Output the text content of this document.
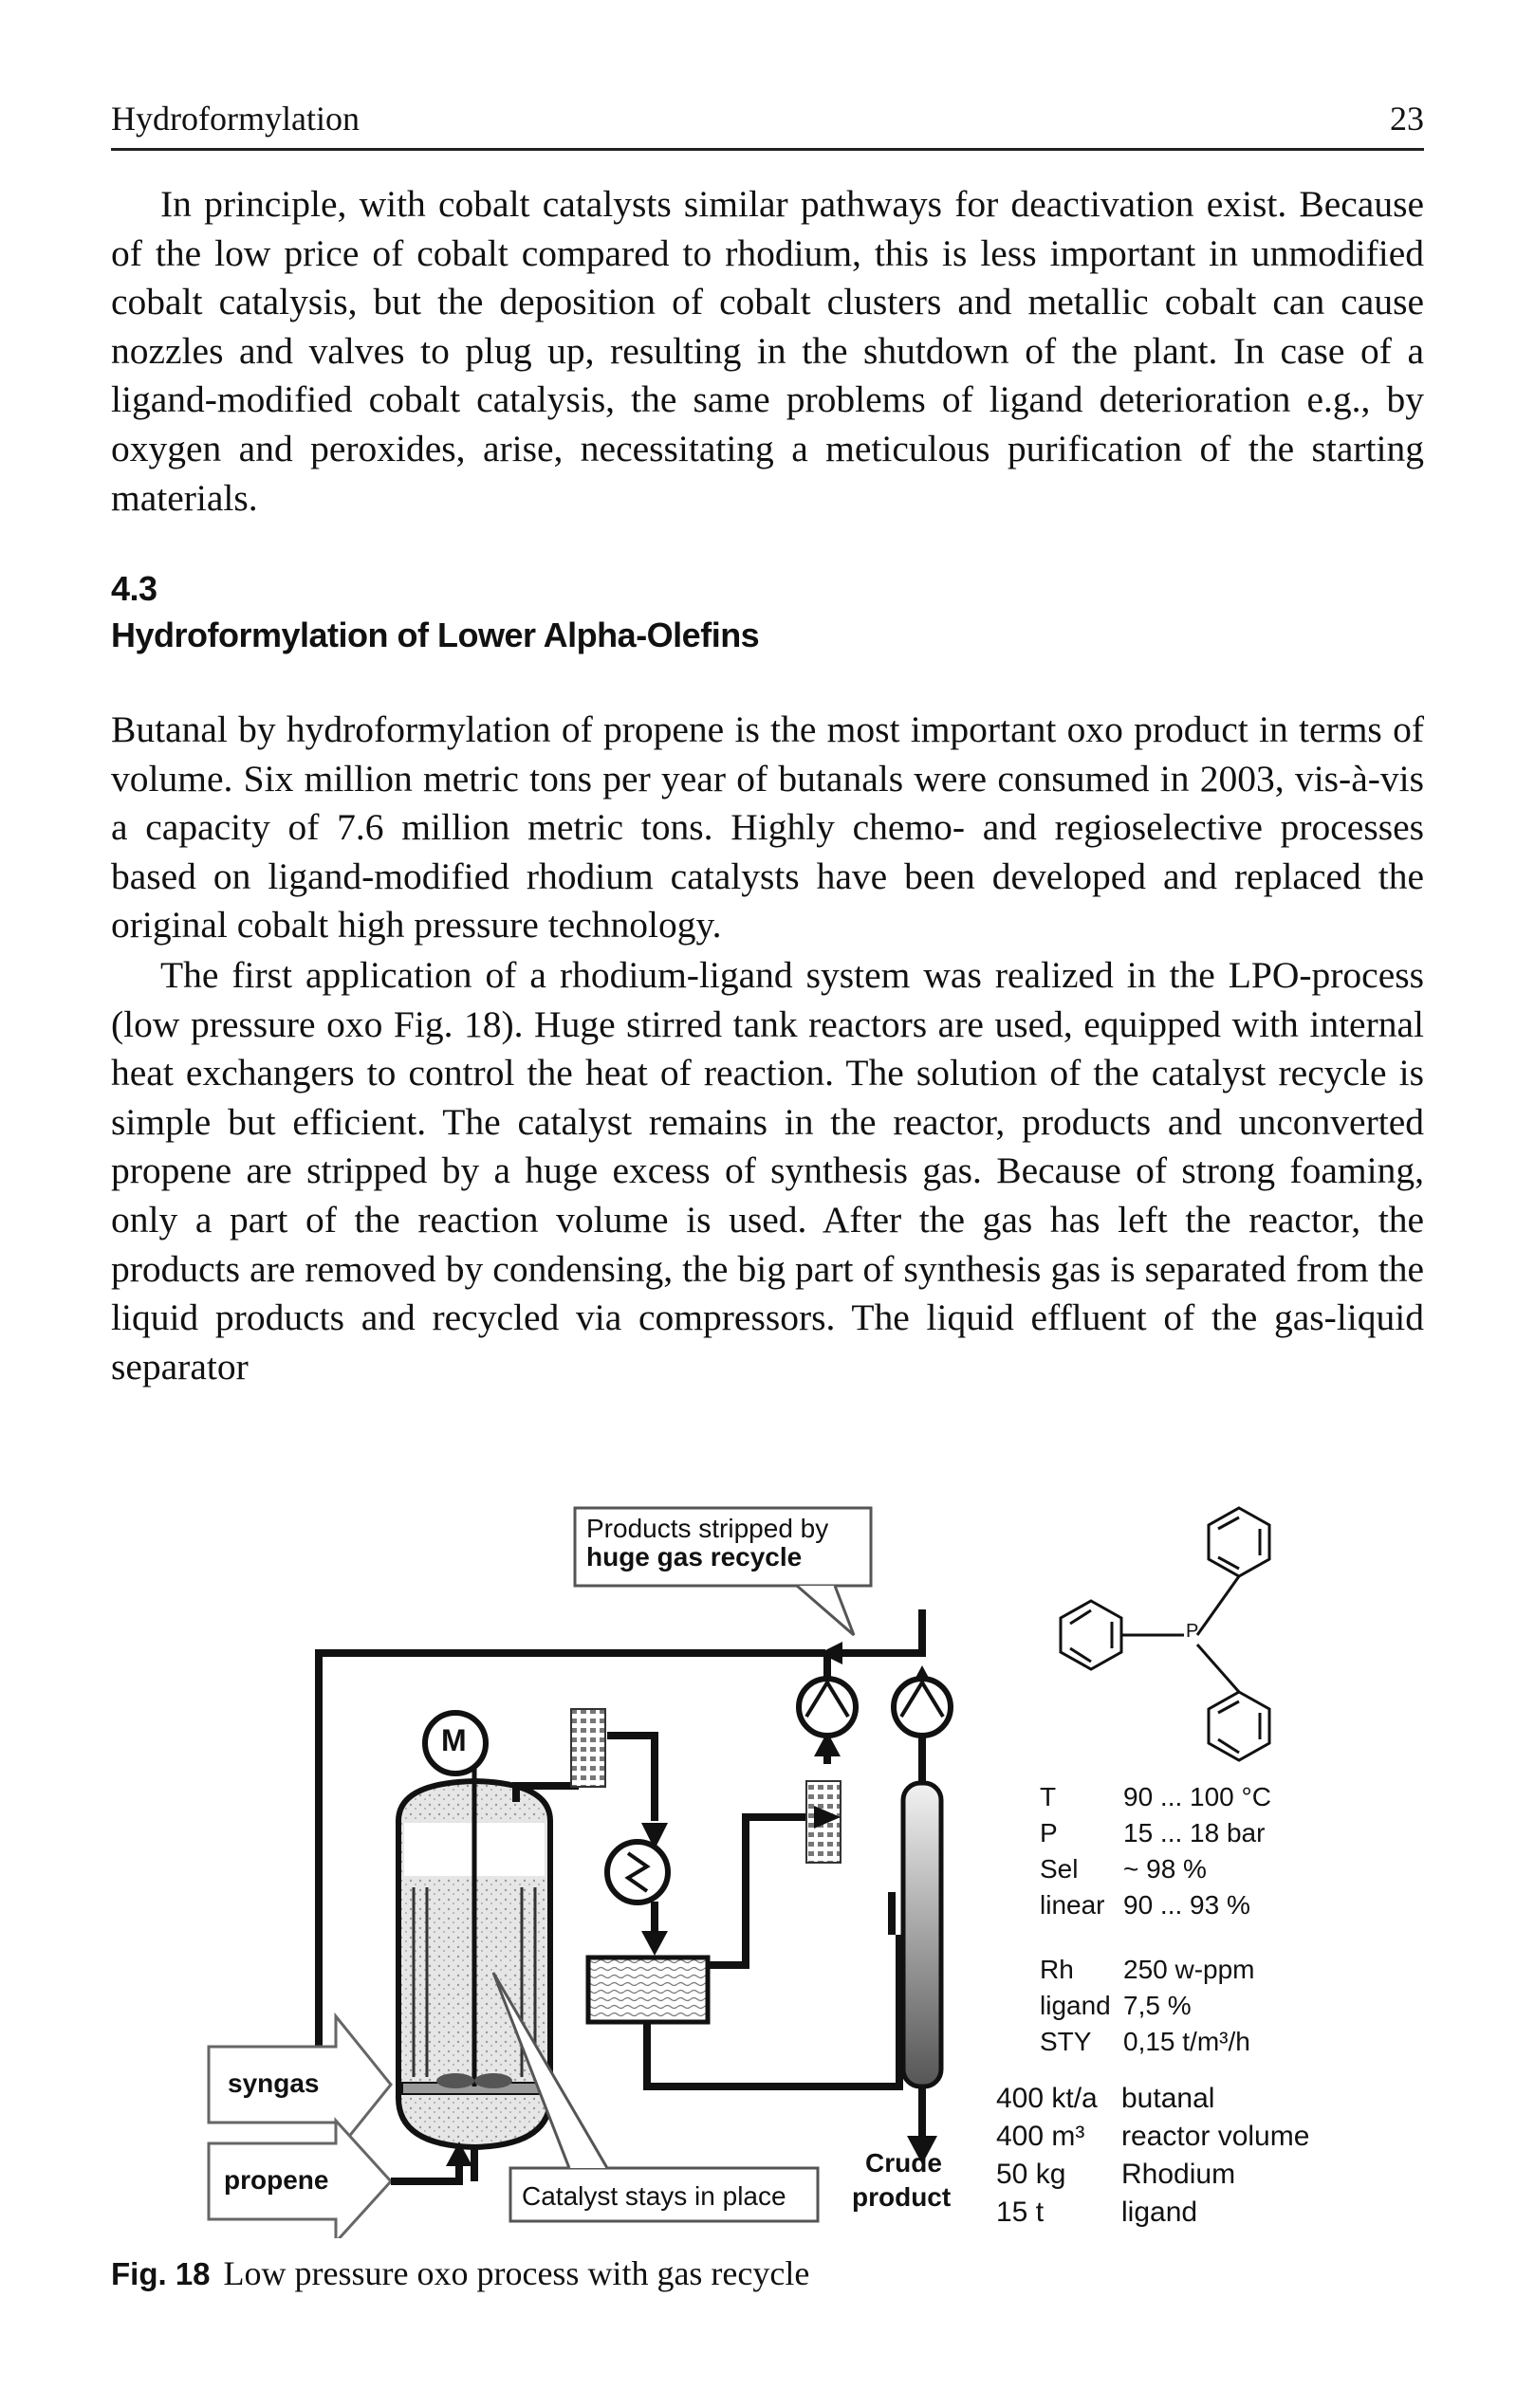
Hydroformylation	23

In principle, with cobalt catalysts similar pathways for deactivation exist. Because of the low price of cobalt compared to rhodium, this is less important in unmodified cobalt catalysis, but the deposition of cobalt clusters and metallic cobalt can cause nozzles and valves to plug up, resulting in the shutdown of the plant. In case of a ligand-modified cobalt catalysis, the same problems of ligand deterioration e.g., by oxygen and peroxides, arise, necessitating a meticulous purification of the starting materials.

4.3
Hydroformylation of Lower Alpha-Olefins

Butanal by hydroformylation of propene is the most important oxo product in terms of volume. Six million metric tons per year of butanals were consumed in 2003, vis-à-vis a capacity of 7.6 million metric tons. Highly chemo- and regioselective processes based on ligand-modified rhodium catalysts have been developed and replaced the original cobalt high pressure technology.

The first application of a rhodium-ligand system was realized in the LPO-process (low pressure oxo Fig. 18). Huge stirred tank reactors are used, equipped with internal heat exchangers to control the heat of reaction. The solution of the catalyst recycle is simple but efficient. The catalyst remains in the reactor, products and unconverted propene are stripped by a huge excess of synthesis gas. Because of strong foaming, only a part of the reaction volume is used. After the gas has left the reactor, the products are removed by condensing, the big part of synthesis gas is separated from the liquid products and recycled via compressors. The liquid effluent of the gas-liquid separator

Products stripped by
huge gas recycle
M
P
syngas
propene
Catalyst stays in place
Crude
product
T	90 ... 100 °C
P 15 ... 18 bar
Sel ~ 98 %
linear 90 ... 93 %
Rh 250 w-ppm
ligand 7,5 %
STY 0,15 t/m³/h
400 kt/a butanal
400 m³ reactor volume
50 kg Rhodium
15 t	ligand
Fig. 18 Low pressure oxo process with gas recycle
